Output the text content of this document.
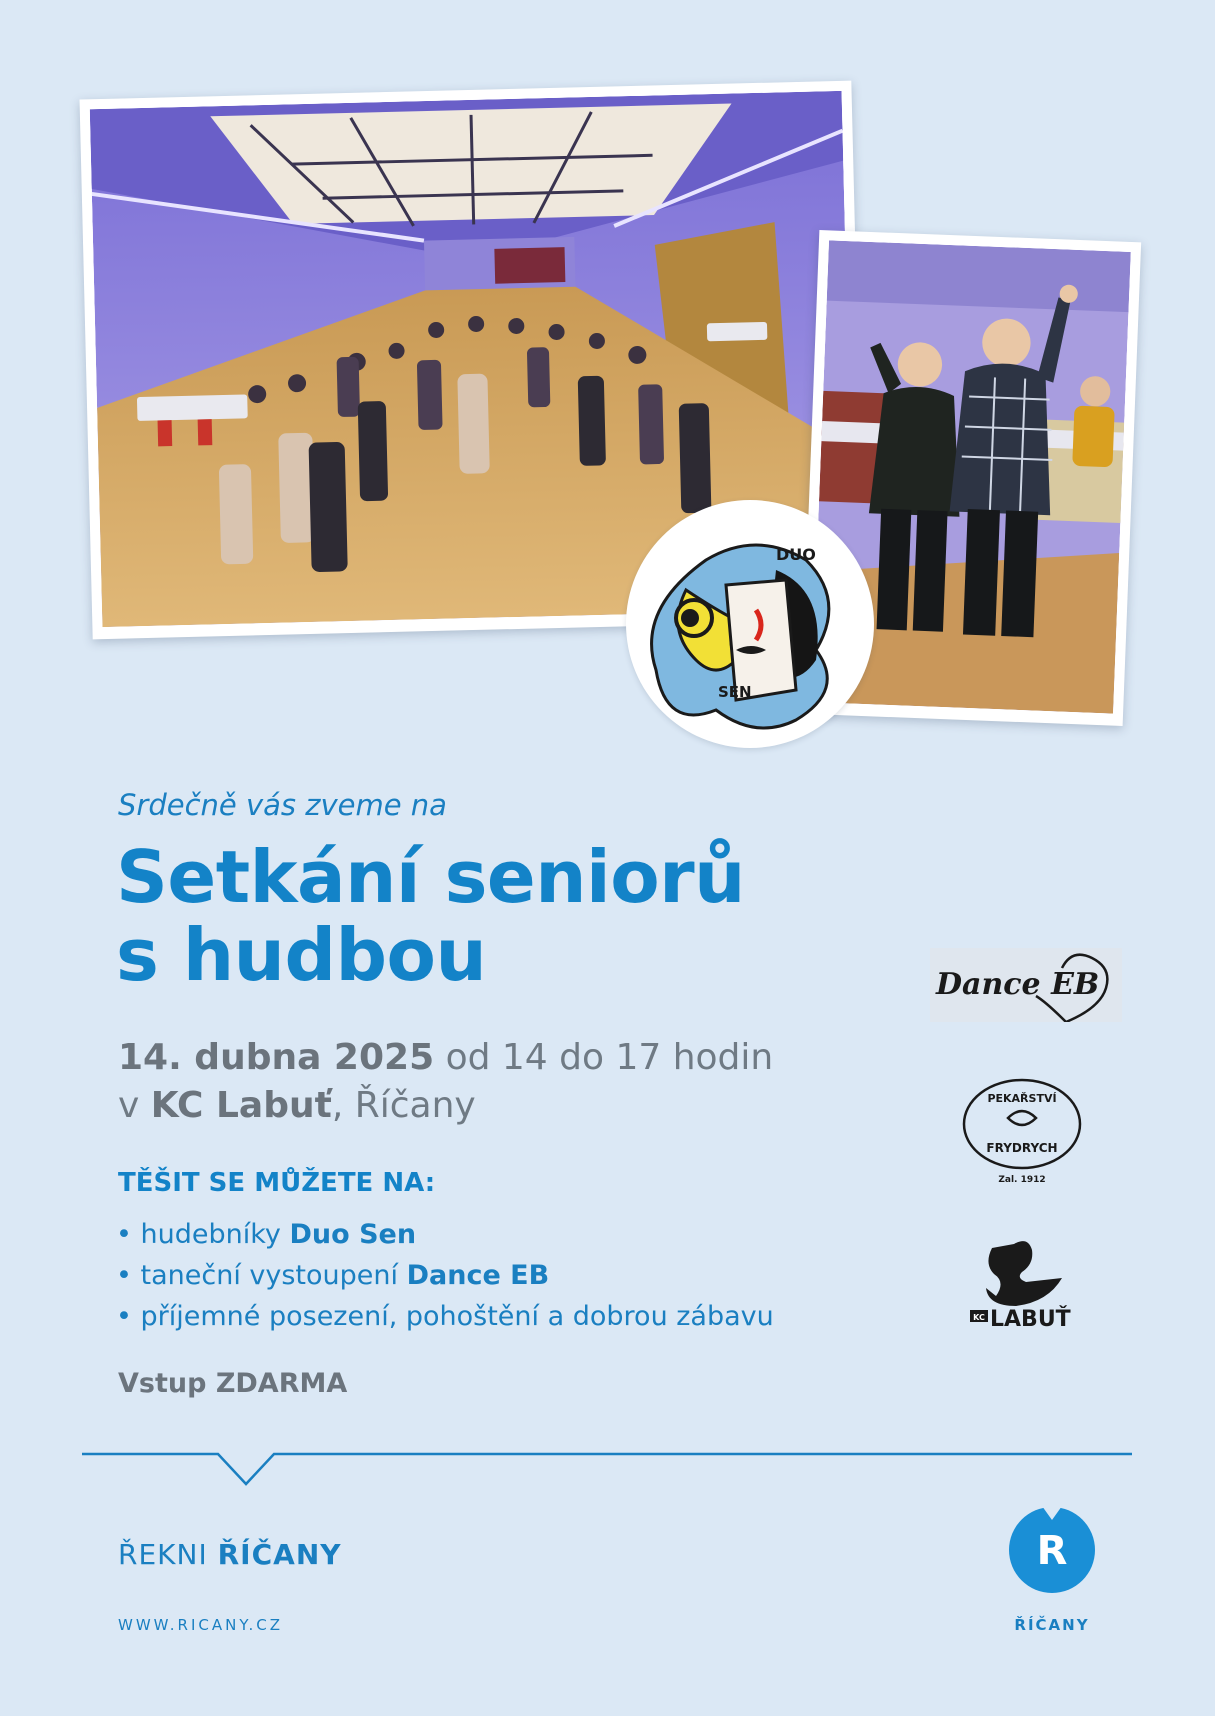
DUO
SEN
Srdečně vás zveme na
Setkání seniorů
s hudbou
14. dubna 2025 od 14 do 17 hodin
v KC Labuť, Říčany
TĚŠIT SE MŮŽETE NA:
• hudebníky Duo Sen
• taneční vystoupení Dance EB
• příjemné posezení, pohoštění a dobrou zábavu
Vstup ZDARMA
Dance EB
PEKAŘSTVÍ
FRYDRYCH
Zal. 1912
KC LABUŤ
ŘEKNI ŘÍČANY
WWW.RICANY.CZ
R
ŘÍČANY
